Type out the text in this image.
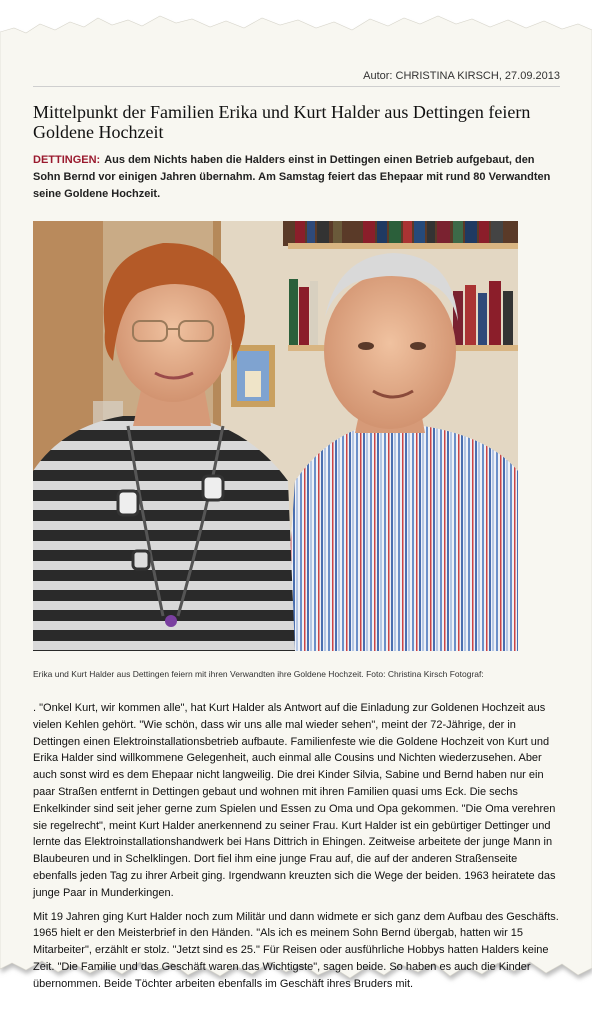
Autor: CHRISTINA KIRSCH, 27.09.2013

Mittelpunkt der Familien Erika und Kurt Halder aus Dettingen feiern Goldene Hochzeit

DETTINGEN: Aus dem Nichts haben die Halders einst in Dettingen einen Betrieb aufgebaut, den Sohn Bernd vor einigen Jahren übernahm. Am Samstag feiert das Ehepaar mit rund 80 Verwandten seine Goldene Hochzeit.

Erika und Kurt Halder aus Dettingen feiern mit ihren Verwandten ihre Goldene Hochzeit. Foto: Christina Kirsch Fotograf:

. "Onkel Kurt, wir kommen alle", hat Kurt Halder als Antwort auf die Einladung zur Goldenen Hochzeit aus vielen Kehlen gehört. "Wie schön, dass wir uns alle mal wieder sehen", meint der 72-Jährige, der in Dettingen einen Elektroinstallationsbetrieb aufbaute. Familienfeste wie die Goldene Hochzeit von Kurt und Erika Halder sind willkommene Gelegenheit, auch einmal alle Cousins und Nichten wiederzusehen. Aber auch sonst wird es dem Ehepaar nicht langweilig. Die drei Kinder Silvia, Sabine und Bernd haben nur ein paar Straßen entfernt in Dettingen gebaut und wohnen mit ihren Familien quasi ums Eck. Die sechs Enkelkinder sind seit jeher gerne zum Spielen und Essen zu Oma und Opa gekommen. "Die Oma verehren sie regelrecht", meint Kurt Halder anerkennend zu seiner Frau. Kurt Halder ist ein gebürtiger Dettinger und lernte das Elektroinstallationshandwerk bei Hans Dittrich in Ehingen. Zeitweise arbeitete der junge Mann in Blaubeuren und in Schelklingen. Dort fiel ihm eine junge Frau auf, die auf der anderen Straßenseite ebenfalls jeden Tag zu ihrer Arbeit ging. Irgendwann kreuzten sich die Wege der beiden. 1963 heiratete das junge Paar in Munderkingen.

Mit 19 Jahren ging Kurt Halder noch zum Militär und dann widmete er sich ganz dem Aufbau des Geschäfts. 1965 hielt er den Meisterbrief in den Händen. "Als ich es meinem Sohn Bernd übergab, hatten wir 15 Mitarbeiter", erzählt er stolz. "Jetzt sind es 25." Für Reisen oder ausführliche Hobbys hatten Halders keine Zeit. "Die Familie und das Geschäft waren das Wichtigste", sagen beide. So haben es auch die Kinder übernommen. Beide Töchter arbeiten ebenfalls im Geschäft ihres Bruders mit.
